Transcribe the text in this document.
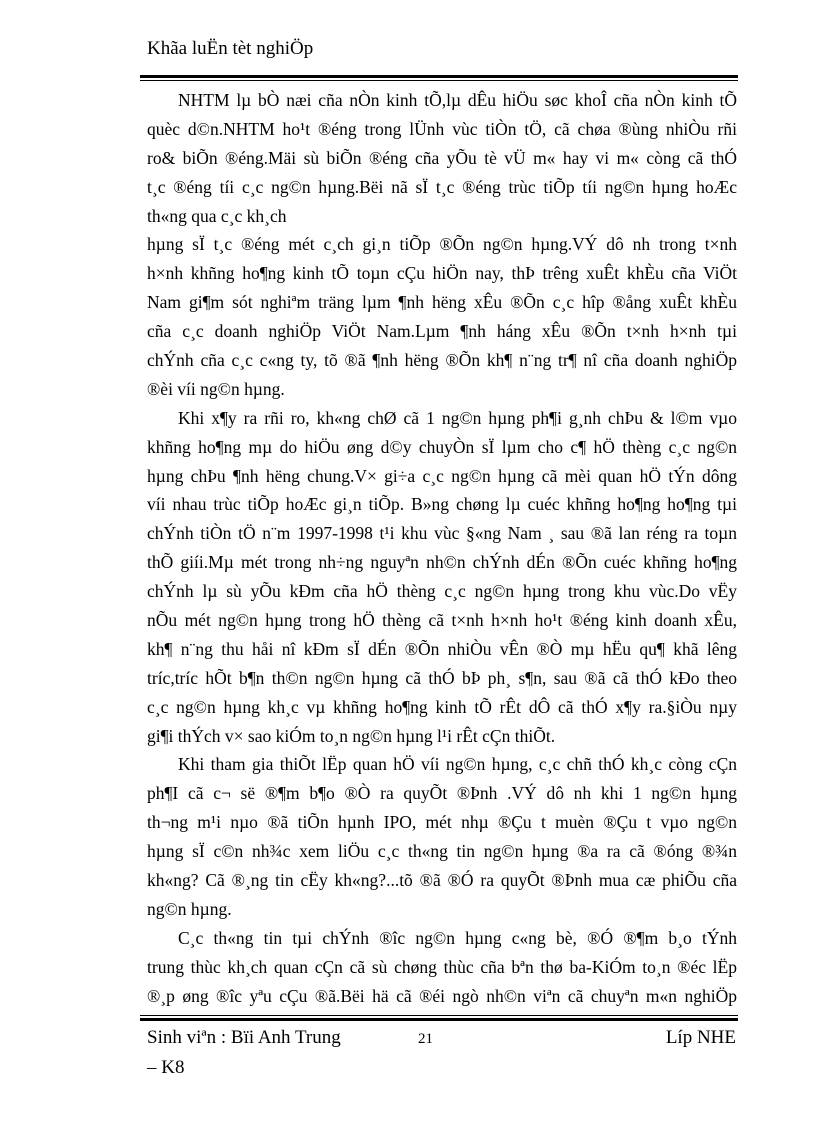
Khãa luËn tèt nghiÖp
NHTM lµ bÒ næi cña nÒn kinh tÕ,lµ dÊu hiÖu søc khoÎ cña nÒn kinh tÕ
quèc d©n.NHTM ho¹t ®éng trong lÜnh vùc tiÒn tÖ, cã chøa ®ùng nhiÒu rñi
ro& biÕn ®éng.Mäi sù biÕn ®éng cña yÕu tè vÜ m« hay vi m« còng cã thÓ
t¸c ®éng tíi c¸c ng©n hµng.Bëi nã sÏ t¸c ®éng trùc tiÕp tíi ng©n hµng hoÆc
th«ng qua c¸c kh¸ch
hµng sÏ t¸c ®éng mét c¸ch gi¸n tiÕp ®Õn ng©n hµng.VÝ dô nh trong t×nh
h×nh khñng ho¶ng kinh tÕ toµn cÇu hiÖn nay, thÞ trêng xuÊt khÈu cña ViÖt
Nam gi¶m sót nghiªm träng lµm ¶nh hëng xÊu ®Õn c¸c hîp ®ång xuÊt khÈu
cña c¸c doanh nghiÖp ViÖt Nam.Lµm ¶nh háng xÊu ®Õn t×nh h×nh tµi
chÝnh cña c¸c c«ng ty, tõ ®ã ¶nh hëng ®Õn kh¶ n¨ng tr¶ nî cña doanh nghiÖp
®èi víi ng©n hµng.
Khi x¶y ra rñi ro, kh«ng chØ cã 1 ng©n hµng ph¶i g¸nh chÞu & l©m vµo
khñng ho¶ng mµ do hiÖu øng d©y chuyÒn sÏ lµm cho c¶ hÖ thèng c¸c ng©n
hµng chÞu ¶nh hëng chung.V× gi÷a c¸c ng©n hµng cã mèi quan hÖ tÝn dông
víi nhau trùc tiÕp hoÆc gi¸n tiÕp. B»ng chøng lµ cuéc khñng ho¶ng ho¶ng tµi
chÝnh tiÒn tÖ n¨m 1997-1998 t¹i khu vùc §«ng Nam ¸ sau ®ã lan réng ra toµn
thÕ giíi.Mµ mét trong nh÷ng nguyªn nh©n chÝnh dÉn ®Õn cuéc khñng ho¶ng
chÝnh lµ sù yÕu kÐm cña hÖ thèng c¸c ng©n hµng trong khu vùc.Do vËy
nÕu mét ng©n hµng trong hÖ thèng cã t×nh h×nh ho¹t ®éng kinh doanh xÊu,
kh¶ n¨ng thu håi nî kÐm sÏ dÉn ®Õn nhiÒu vÊn ®Ò mµ hËu qu¶ khã lêng
tríc,tríc hÕt b¶n th©n ng©n hµng cã thÓ bÞ ph¸ s¶n, sau ®ã cã thÓ kÐo theo
c¸c ng©n hµng kh¸c vµ khñng ho¶ng kinh tÕ rÊt dÔ cã thÓ x¶y ra.§iÒu nµy
gi¶i thÝch v× sao kiÓm to¸n ng©n hµng l¹i rÊt cÇn thiÕt.
Khi tham gia thiÕt lËp quan hÖ víi ng©n hµng, c¸c chñ thÓ kh¸c còng cÇn
ph¶I cã c¬ së ®¶m b¶o ®Ò ra quyÕt ®Þnh .VÝ dô nh khi 1 ng©n hµng
th¬ng m¹i nµo ®ã tiÕn hµnh IPO, mét nhµ ®Çu t muèn ®Çu t vµo ng©n
hµng sÏ c©n nh¾c xem liÖu c¸c th«ng tin ng©n hµng ®a ra cã ®óng ®¾n
kh«ng? Cã ®¸ng tin cËy kh«ng?...tõ ®ã ®Ó ra quyÕt ®Þnh mua cæ phiÕu cña
ng©n hµng.
C¸c th«ng tin tµi chÝnh ®îc ng©n hµng c«ng bè, ®Ó ®¶m b¸o tÝnh
trung thùc kh¸ch quan cÇn cã sù chøng thùc cña bªn thø ba-KiÓm to¸n ®éc lËp
®¸p øng ®îc yªu cÇu ®ã.Bëi hä cã ®éi ngò nh©n viªn cã chuyªn m«n nghiÖp
Sinh viªn : Bïi Anh Trung	21	Líp NHE
– K8
